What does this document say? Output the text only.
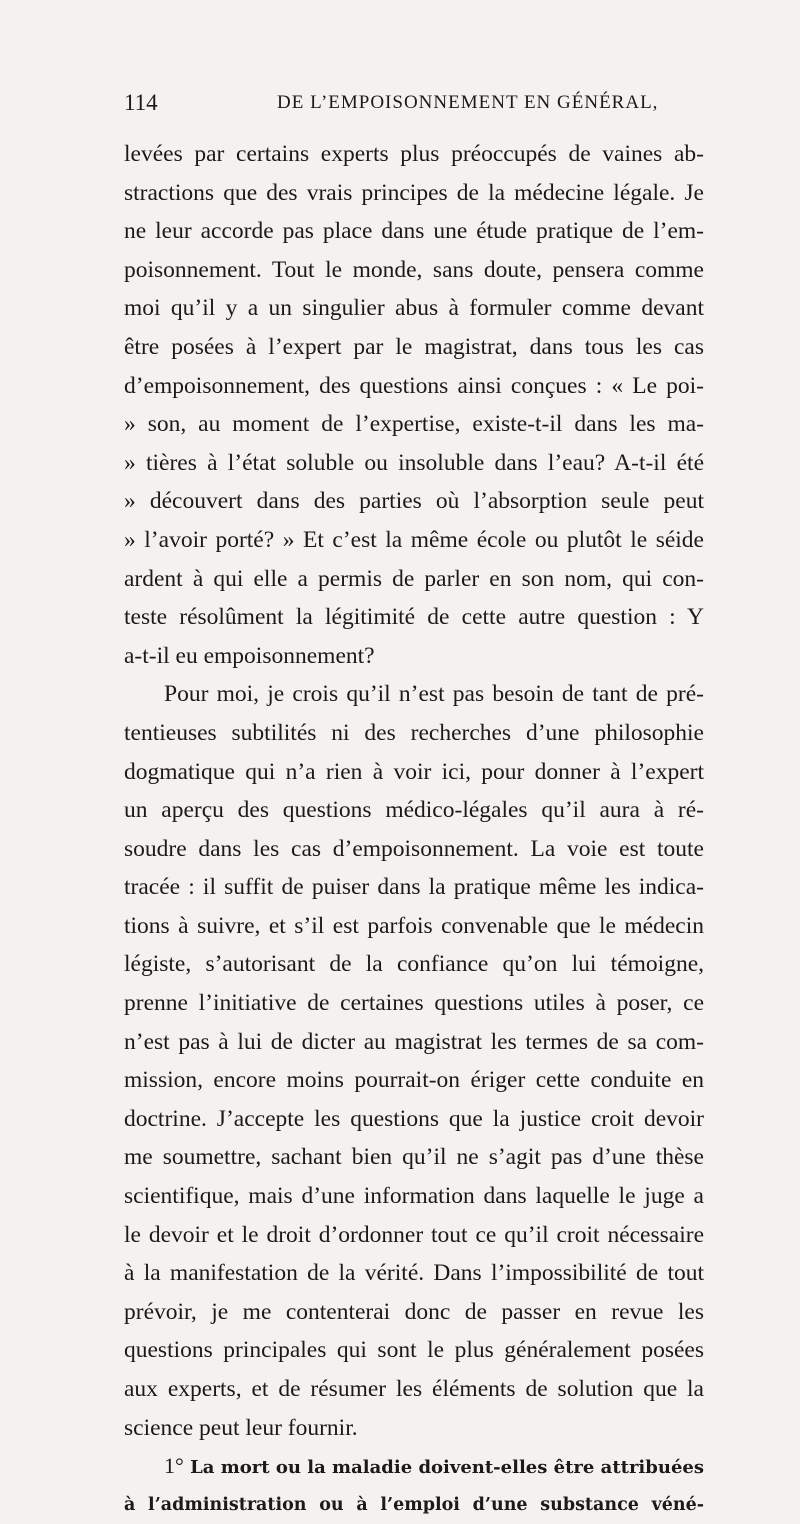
114	DE L’EMPOISONNEMENT EN GÉNÉRAL,
levées par certains experts plus préoccupés de vaines ab-
stractions que des vrais principes de la médecine légale. Je
ne leur accorde pas place dans une étude pratique de l’em-
poisonnement. Tout le monde, sans doute, pensera comme
moi qu’il y a un singulier abus à formuler comme devant
être posées à l’expert par le magistrat, dans tous les cas
d’empoisonnement, des questions ainsi conçues : « Le poi-
» son, au moment de l’expertise, existe-t-il dans les ma-
» tières à l’état soluble ou insoluble dans l’eau? A-t-il été
» découvert dans des parties où l’absorption seule peut
» l’avoir porté? » Et c’est la même école ou plutôt le séide
ardent à qui elle a permis de parler en son nom, qui con-
teste résolûment la légitimité de cette autre question : Y
a-t-il eu empoisonnement?
Pour moi, je crois qu’il n’est pas besoin de tant de pré-
tentieuses subtilités ni des recherches d’une philosophie
dogmatique qui n’a rien à voir ici, pour donner à l’expert
un aperçu des questions médico-légales qu’il aura à ré-
soudre dans les cas d’empoisonnement. La voie est toute
tracée : il suffit de puiser dans la pratique même les indica-
tions à suivre, et s’il est parfois convenable que le médecin
légiste, s’autorisant de la confiance qu’on lui témoigne,
prenne l’initiative de certaines questions utiles à poser, ce
n’est pas à lui de dicter au magistrat les termes de sa com-
mission, encore moins pourrait-on ériger cette conduite en
doctrine. J’accepte les questions que la justice croit devoir
me soumettre, sachant bien qu’il ne s’agit pas d’une thèse
scientifique, mais d’une information dans laquelle le juge a
le devoir et le droit d’ordonner tout ce qu’il croit nécessaire
à la manifestation de la vérité. Dans l’impossibilité de tout
prévoir, je me contenterai donc de passer en revue les
questions principales qui sont le plus généralement posées
aux experts, et de résumer les éléments de solution que la
science peut leur fournir.
1° La mort ou la maladie doivent-elles être attribuées
à l’administration ou à l’emploi d’une substance véné-
